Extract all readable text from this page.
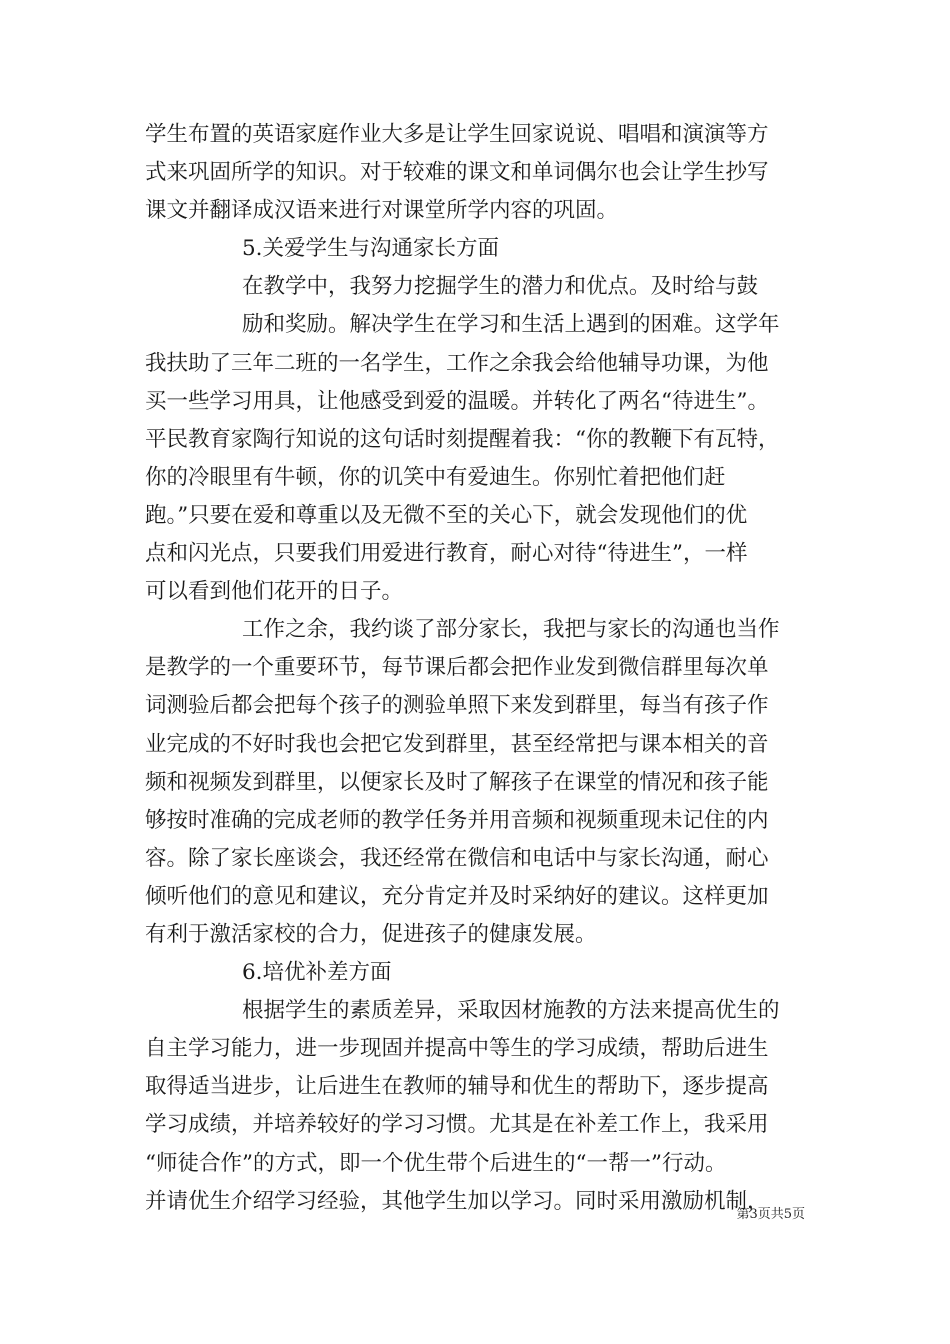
学生布置的英语家庭作业大多是让学生回家说说、唱唱和演演等方
式来巩固所学的知识。对于较难的课文和单词偶尔也会让学生抄写
课文并翻译成汉语来进行对课堂所学内容的巩固。
5.关爱学生与沟通家长方面
在教学中，我努力挖掘学生的潜力和优点。及时给与鼓
励和奖励。解决学生在学习和生活上遇到的困难。这学年
我扶助了三年二班的一名学生，工作之余我会给他辅导功课，为他
买一些学习用具，让他感受到爱的温暖。并转化了两名“待进生”。
平民教育家陶行知说的这句话时刻提醒着我：“你的教鞭下有瓦特，
你的冷眼里有牛顿，你的讥笑中有爱迪生。你别忙着把他们赶
跑。”只要在爱和尊重以及无微不至的关心下，就会发现他们的优
点和闪光点，只要我们用爱进行教育，耐心对待“待进生”，一样
可以看到他们花开的日子。
工作之余，我约谈了部分家长，我把与家长的沟通也当作
是教学的一个重要环节，每节课后都会把作业发到微信群里每次单
词测验后都会把每个孩子的测验单照下来发到群里，每当有孩子作
业完成的不好时我也会把它发到群里，甚至经常把与课本相关的音
频和视频发到群里，以便家长及时了解孩子在课堂的情况和孩子能
够按时准确的完成老师的教学任务并用音频和视频重现未记住的内
容。除了家长座谈会，我还经常在微信和电话中与家长沟通，耐心
倾听他们的意见和建议，充分肯定并及时采纳好的建议。这样更加
有利于激活家校的合力，促进孩子的健康发展。
6.培优补差方面
根据学生的素质差异，采取因材施教的方法来提高优生的
自主学习能力，进一步现固并提高中等生的学习成绩，帮助后进生
取得适当进步，让后进生在教师的辅导和优生的帮助下，逐步提高
学习成绩，并培养较好的学习习惯。尤其是在补差工作上，我采用
“师徒合作”的方式，即一个优生带个后进生的“一帮一”行动。
并请优生介绍学习经验，其他学生加以学习。同时采用激励机制，
第3页共5页
